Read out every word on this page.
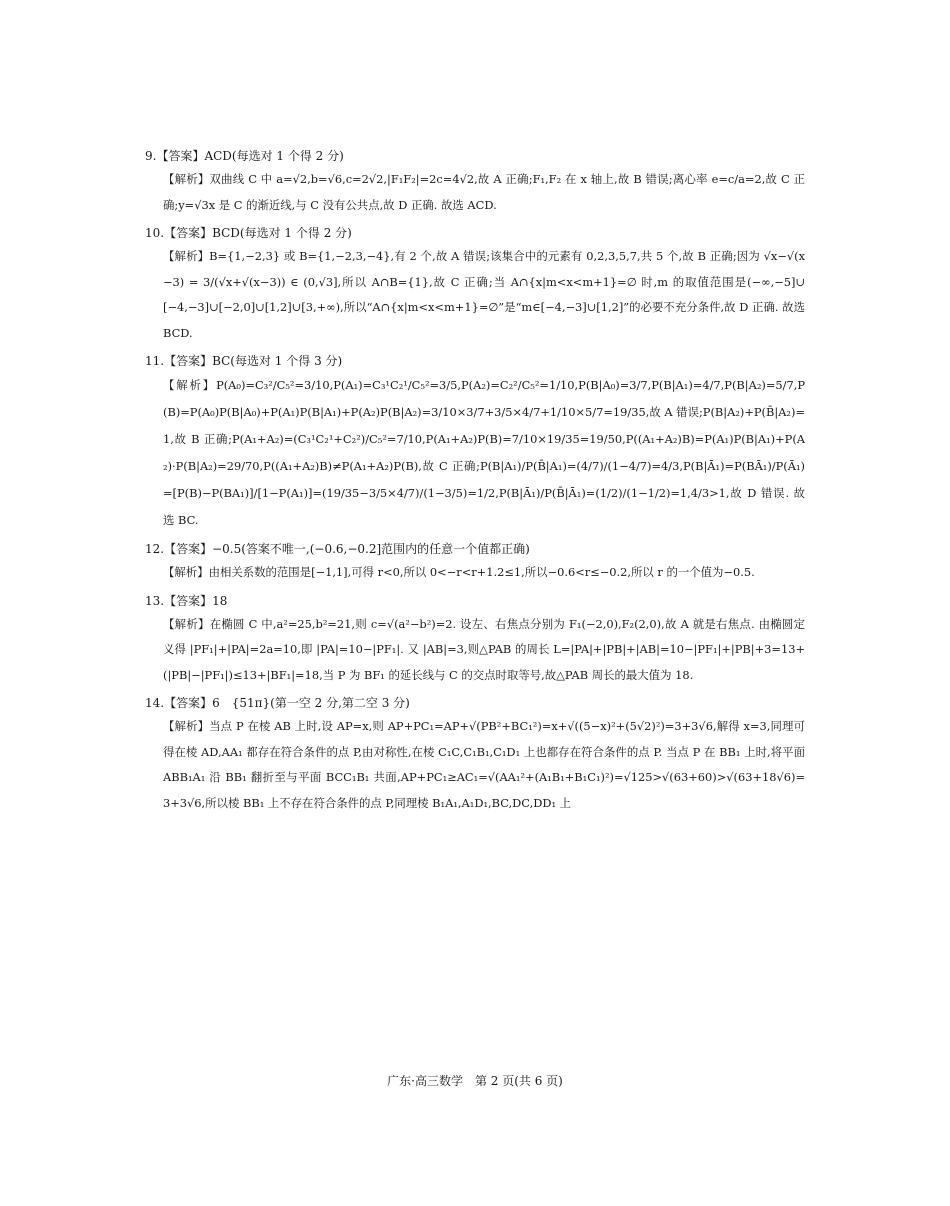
9.【答案】ACD(每选对 1 个得 2 分)
【解析】双曲线 C 中 a=√2,b=√6,c=2√2,|F₁F₂|=2c=4√2,故 A 正确;F₁,F₂ 在 x 轴上,故 B 错误;离心率 e=c/a=2,故 C 正确;y=√3x 是 C 的渐近线,与 C 没有公共点,故 D 正确. 故选 ACD.
10.【答案】BCD(每选对 1 个得 2 分)
【解析】B={1,−2,3} 或 B={1,−2,3,−4},有 2 个,故 A 错误;该集合中的元素有 0,2,3,5,7,共 5 个,故 B 正确;因为 √x−√(x−3) = 3/(√x+√(x−3)) ∈ (0,√3],所以 A∩B={1},故 C 正确;当 A∩{x|m<x<m+1}=∅ 时,m 的取值范围是(−∞,−5]∪[−4,−3]∪[−2,0]∪[1,2]∪[3,+∞),所以“A∩{x|m<x<m+1}=∅”是“m∈[−4,−3]∪[1,2]”的必要不充分条件,故 D 正确. 故选 BCD.
11.【答案】BC(每选对 1 个得 3 分)
【解析】P(A₀)=C₃²/C₅²=3/10,P(A₁)=C₃¹C₂¹/C₅²=3/5,P(A₂)=C₂²/C₅²=1/10,P(B|A₀)=3/7,P(B|A₁)=4/7,P(B|A₂)=5/7,P(B)=P(A₀)P(B|A₀)+P(A₁)P(B|A₁)+P(A₂)P(B|A₂)=3/10×3/7+3/5×4/7+1/10×5/7=19/35,故 A 错误;P(B|A₂)+P(B̄|A₂)=1,故 B 正确;P(A₁+A₂)=(C₃¹C₂¹+C₂²)/C₅²=7/10,P(A₁+A₂)P(B)=7/10×19/35=19/50,P((A₁+A₂)B)=P(A₁)P(B|A₁)+P(A₂)·P(B|A₂)=29/70,P((A₁+A₂)B)≠P(A₁+A₂)P(B),故 C 正确;P(B|A₁)/P(B̄|A₁)=(4/7)/(1−4/7)=4/3,P(B|Ā₁)=P(BĀ₁)/P(Ā₁)=[P(B)−P(BA₁)]/[1−P(A₁)]=(19/35−3/5×4/7)/(1−3/5)=1/2,P(B|Ā₁)/P(B̄|Ā₁)=(1/2)/(1−1/2)=1,4/3>1,故 D 错误. 故选 BC.
12.【答案】−0.5(答案不唯一,(−0.6,−0.2]范围内的任意一个值都正确)
【解析】由相关系数的范围是[−1,1],可得 r<0,所以 0<−r<r+1.2≤1,所以−0.6<r≤−0.2,所以 r 的一个值为−0.5.
13.【答案】18
【解析】在椭圆 C 中,a²=25,b²=21,则 c=√(a²−b²)=2. 设左、右焦点分别为 F₁(−2,0),F₂(2,0),故 A 就是右焦点. 由椭圆定义得 |PF₁|+|PA|=2a=10,即 |PA|=10−|PF₁|. 又 |AB|=3,则△PAB 的周长 L=|PA|+|PB|+|AB|=10−|PF₁|+|PB|+3=13+(|PB|−|PF₁|)≤13+|BF₁|=18,当 P 为 BF₁ 的延长线与 C 的交点时取等号,故△PAB 周长的最大值为 18.
14.【答案】6　{51π}(第一空 2 分,第二空 3 分)
【解析】当点 P 在棱 AB 上时,设 AP=x,则 AP+PC₁=AP+√(PB²+BC₁²)=x+√((5−x)²+(5√2)²)=3+3√6,解得 x=3,同理可得在棱 AD,AA₁ 都存在符合条件的点 P,由对称性,在棱 C₁C,C₁B₁,C₁D₁ 上也都存在符合条件的点 P. 当点 P 在 BB₁ 上时,将平面 ABB₁A₁ 沿 BB₁ 翻折至与平面 BCC₁B₁ 共面,AP+PC₁≥AC₁=√(AA₁²+(A₁B₁+B₁C₁)²)=√125>√(63+60)>√(63+18√6)=3+3√6,所以棱 BB₁ 上不存在符合条件的点 P,同理棱 B₁A₁,A₁D₁,BC,DC,DD₁ 上
广东·高三数学　第 2 页(共 6 页)
